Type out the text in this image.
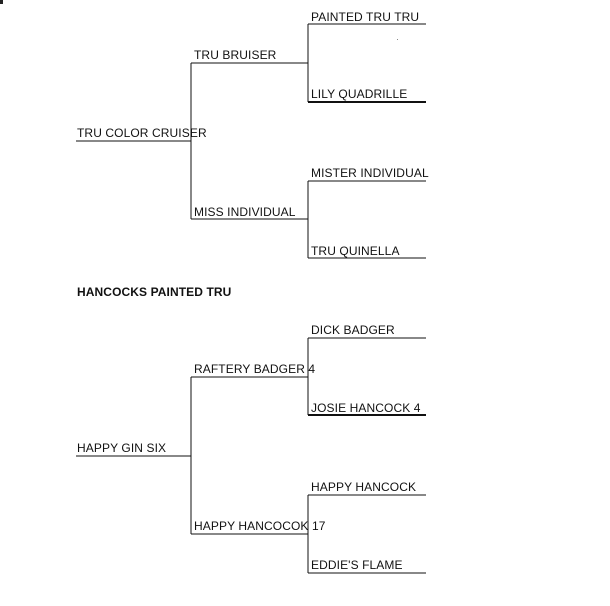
TRU COLOR CRUISER
TRU BRUISER
PAINTED TRU TRU
LILY QUADRILLE
MISS INDIVIDUAL
MISTER INDIVIDUAL
TRU QUINELLA
HANCOCKS PAINTED TRU
HAPPY GIN SIX
RAFTERY BADGER 4
DICK BADGER
JOSIE HANCOCK 4
HAPPY HANCOCOK 17
HAPPY HANCOCK
EDDIE'S FLAME
